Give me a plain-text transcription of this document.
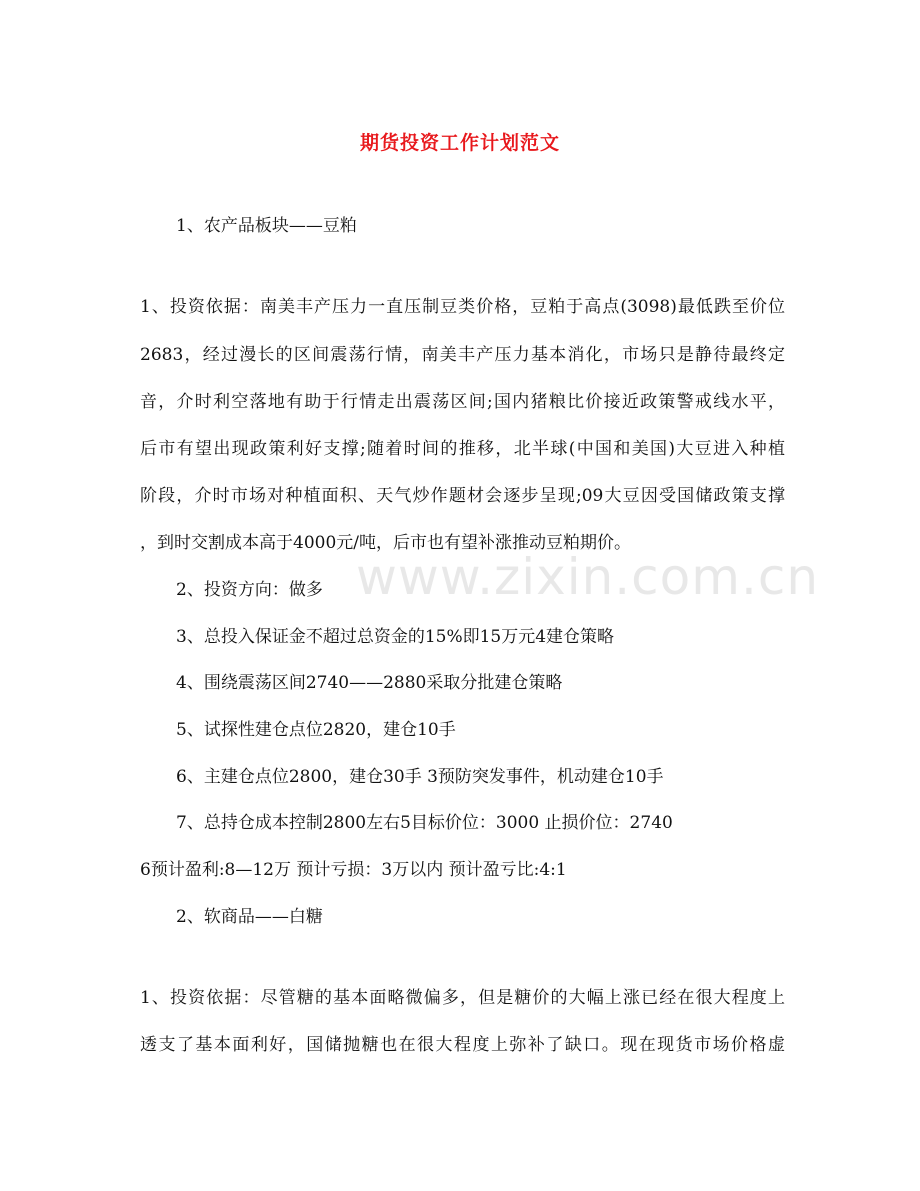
期货投资工作计划范文
1、农产品板块——豆粕
1、投资依据：南美丰产压力一直压制豆类价格，豆粕于高点(3098)最低跌至价位
2683，经过漫长的区间震荡行情，南美丰产压力基本消化，市场只是静待最终定
音，介时利空落地有助于行情走出震荡区间;国内猪粮比价接近政策警戒线水平，
后市有望出现政策利好支撑;随着时间的推移，北半球(中国和美国)大豆进入种植
阶段，介时市场对种植面积、天气炒作题材会逐步呈现;09大豆因受国储政策支撑
，到时交割成本高于4000元/吨，后市也有望补涨推动豆粕期价。
2、投资方向：做多
3、总投入保证金不超过总资金的15%即15万元4建仓策略
4、围绕震荡区间2740——2880采取分批建仓策略
5、试探性建仓点位2820，建仓10手
6、主建仓点位2800，建仓30手 3预防突发事件，机动建仓10手
7、总持仓成本控制2800左右5目标价位：3000 止损价位：2740
6预计盈利:8—12万 预计亏损：3万以内 预计盈亏比:4:1
2、软商品——白糖
1、投资依据：尽管糖的基本面略微偏多，但是糖价的大幅上涨已经在很大程度上
透支了基本面利好，国储抛糖也在很大程度上弥补了缺口。现在现货市场价格虚
www.zixin.com.cn
